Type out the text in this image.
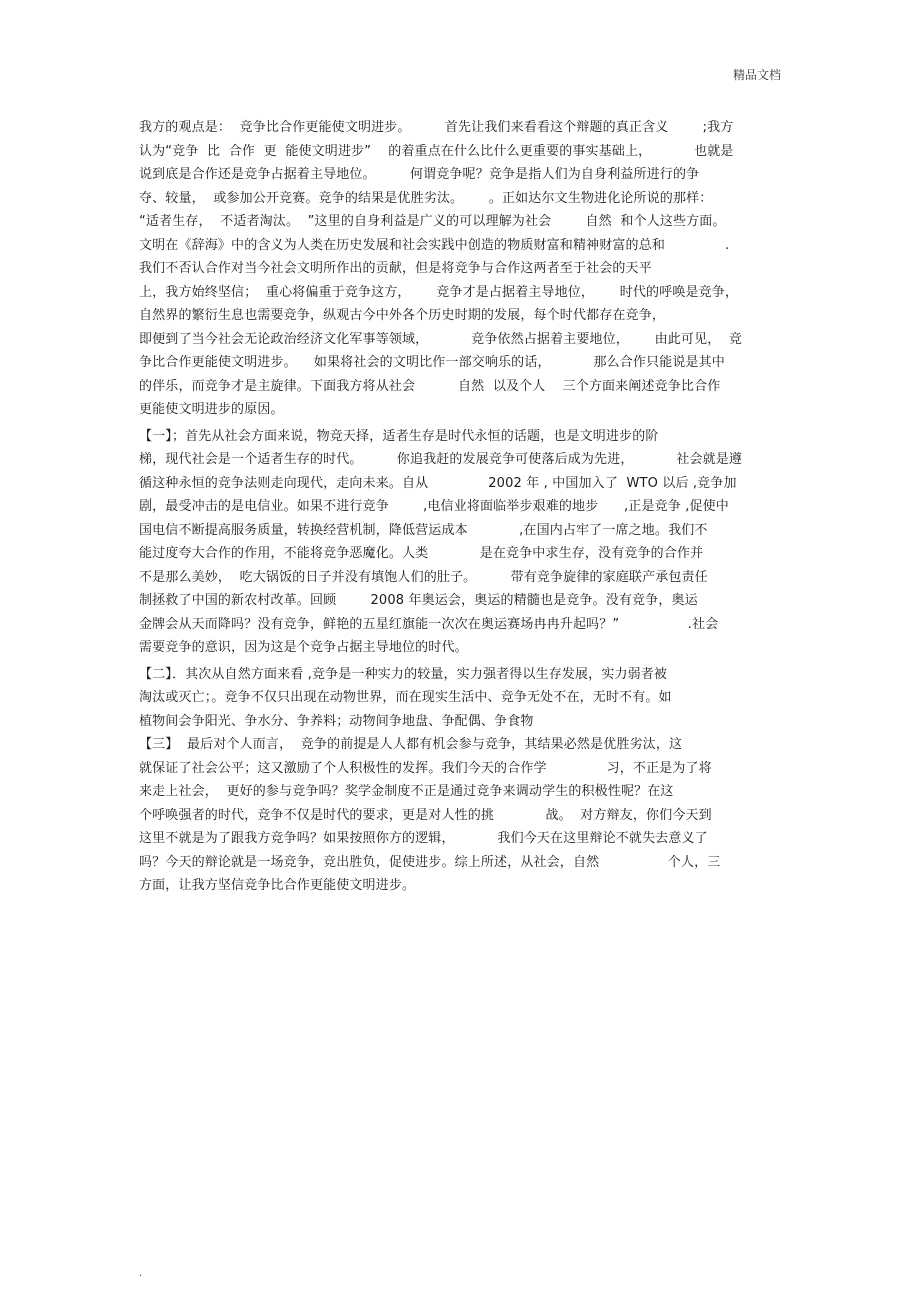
精品文档
我方的观点是：  竞争比合作更能使文明进步。        首先让我们来看看这个辩题的真正含义        ;我方
认为“竞争  比  合作  更  能使文明进步”    的着重点在什么比什么更重要的事实基础上，          也就是
说到底是合作还是竞争占据着主导地位。        何谓竞争呢？竞争是指人们为自身利益所进行的争
夺、较量，  或参加公开竞赛。竞争的结果是优胜劣汰。      。正如达尔文生物进化论所说的那样：
“适者生存，  不适者淘汰。  ”这里的自身利益是广义的可以理解为社会        自然  和个人这些方面。
文明在《辞海》中的含义为人类在历史发展和社会实践中创造的物质财富和精神财富的总和              .
我们不否认合作对当今社会文明所作出的贡献，但是将竞争与合作这两者至于社会的天平
上，我方始终坚信；  重心将偏重于竞争这方，      竞争才是占据着主导地位，      时代的呼唤是竞争，
自然界的繁衍生息也需要竞争，纵观古今中外各个历史时期的发展，每个时代都存在竞争，
即便到了当今社会无论政治经济文化军事等领域，          竞争依然占据着主要地位，      由此可见，  竞
争比合作更能使文明进步。    如果将社会的文明比作一部交响乐的话，          那么合作只能说是其中
的伴乐，而竞争才是主旋律。下面我方将从社会          自然  以及个人    三个方面来阐述竞争比合作
更能使文明进步的原因。
【一】；首先从社会方面来说，物竞天择，适者生存是时代永恒的话题，也是文明进步的阶
梯，现代社会是一个适者生存的时代。        你追我赶的发展竞争可使落后成为先进，          社会就是遵
循这种永恒的竞争法则走向现代，走向未来。自从              2002 年 , 中国加入了  WTO 以后 ,竞争加
剧，最受冲击的是电信业。如果不进行竞争        ,电信业将面临举步艰难的地步      ,正是竞争 ,促使中
国电信不断提高服务质量，转换经营机制，降低营运成本            ,在国内占牢了一席之地。我们不
能过度夸大合作的作用，不能将竞争恶魔化。人类            是在竞争中求生存，没有竞争的合作并
不是那么美妙，  吃大锅饭的日子并没有填饱人们的肚子。        带有竞争旋律的家庭联产承包责任
制拯救了中国的新农村改革。回顾        2008 年奥运会，奥运的精髓也是竞争。没有竞争，奥运
金牌会从天而降吗？没有竞争，鲜艳的五星红旗能一次次在奥运赛场冉冉升起吗？”                .社会
需要竞争的意识，因为这是个竞争占据主导地位的时代。
【二】．其次从自然方面来看 ,竞争是一种实力的较量，实力强者得以生存发展，实力弱者被
淘汰或灭亡；。竞争不仅只出现在动物世界，而在现实生活中、竞争无处不在，无时不有。如
植物间会争阳光、争水分、争养料；动物间争地盘、争配偶、争食物
【三】  最后对个人而言，  竞争的前提是人人都有机会参与竞争，其结果必然是优胜劣汰，这
就保证了社会公平；这又激励了个人积极性的发挥。我们今天的合作学              习，不正是为了将
来走上社会，  更好的参与竞争吗？奖学金制度不正是通过竞争来调动学生的积极性呢？在这
个呼唤强者的时代，竞争不仅是时代的要求，更是对人性的挑            战。  对方辩友，你们今天到
这里不就是为了跟我方竞争吗？如果按照你方的逻辑，          我们今天在这里辩论不就失去意义了
吗？今天的辩论就是一场竞争，竞出胜负，促使进步。综上所述，从社会，自然                个人，三
方面，让我方坚信竞争比合作更能使文明进步。
.
